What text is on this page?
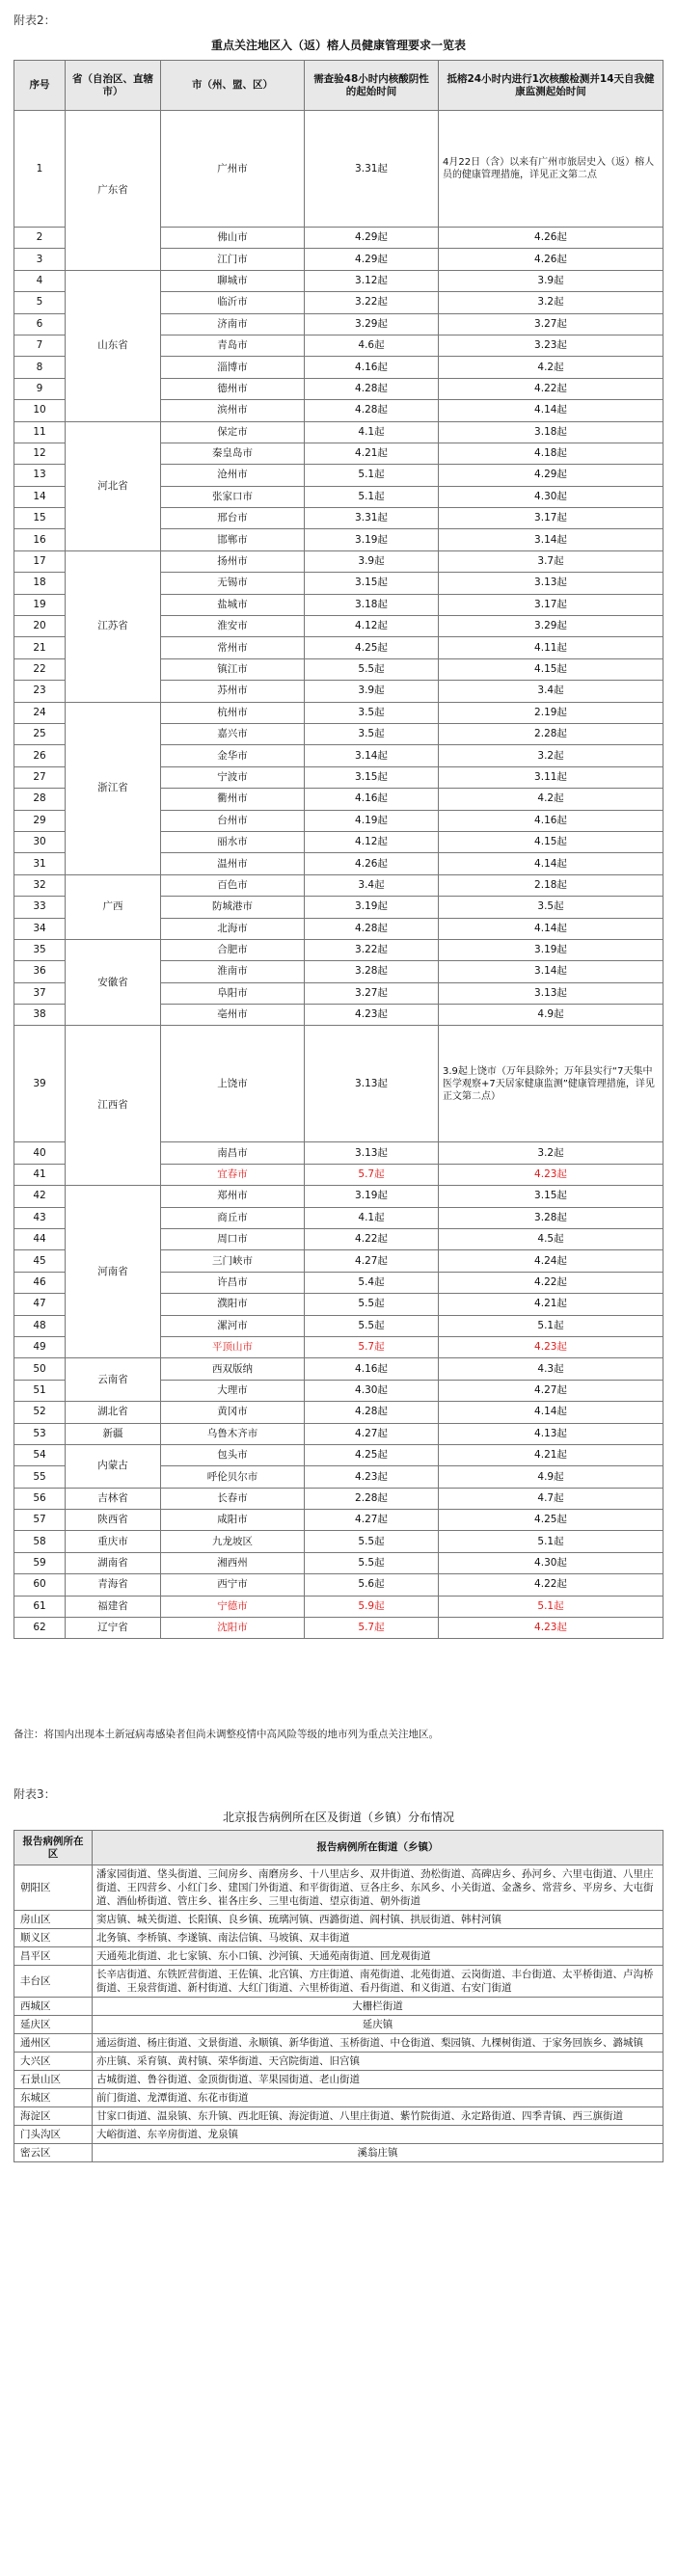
附表2：
重点关注地区入（返）榕人员健康管理要求一览表
序号	省（自治区、直辖市）	市（州、盟、区）	需查验48小时内核酸阴性的起始时间	抵榕24小时内进行1次核酸检测并14天自我健康监测起始时间
1	广东省	广州市	3.31起	4月22日（含）以来有广州市旅居史入（返）榕人员的健康管理措施，详见正文第二点
2		佛山市	4.29起	4.26起
3		江门市	4.29起	4.26起
4	山东省	聊城市	3.12起	3.9起
5		临沂市	3.22起	3.2起
6		济南市	3.29起	3.27起
7		青岛市	4.6起	3.23起
8		淄博市	4.16起	4.2起
9		德州市	4.28起	4.22起
10		滨州市	4.28起	4.14起
11	河北省	保定市	4.1起	3.18起
12		秦皇岛市	4.21起	4.18起
13		沧州市	5.1起	4.29起
14		张家口市	5.1起	4.30起
15		邢台市	3.31起	3.17起
16		邯郸市	3.19起	3.14起
17	江苏省	扬州市	3.9起	3.7起
18		无锡市	3.15起	3.13起
19		盐城市	3.18起	3.17起
20		淮安市	4.12起	3.29起
21		常州市	4.25起	4.11起
22		镇江市	5.5起	4.15起
23		苏州市	3.9起	3.4起
24	浙江省	杭州市	3.5起	2.19起
25		嘉兴市	3.5起	2.28起
26		金华市	3.14起	3.2起
27		宁波市	3.15起	3.11起
28		衢州市	4.16起	4.2起
29		台州市	4.19起	4.16起
30		丽水市	4.12起	4.15起
31		温州市	4.26起	4.14起
32	广西	百色市	3.4起	2.18起
33		防城港市	3.19起	3.5起
34		北海市	4.28起	4.14起
35	安徽省	合肥市	3.22起	3.19起
36		淮南市	3.28起	3.14起
37		阜阳市	3.27起	3.13起
38		亳州市	4.23起	4.9起
39	江西省	上饶市	3.13起	3.9起上饶市（万年县除外；万年县实行“7天集中医学观察+7天居家健康监测”健康管理措施，详见正文第二点）
40		南昌市	3.13起	3.2起
41		宜春市	5.7起	4.23起
42	河南省	郑州市	3.19起	3.15起
43		商丘市	4.1起	3.28起
44		周口市	4.22起	4.5起
45		三门峡市	4.27起	4.24起
46		许昌市	5.4起	4.22起
47		濮阳市	5.5起	4.21起
48		漯河市	5.5起	5.1起
49		平顶山市	5.7起	4.23起
50	云南省	西双版纳	4.16起	4.3起
51		大理市	4.30起	4.27起
52	湖北省	黄冈市	4.28起	4.14起
53	新疆	乌鲁木齐市	4.27起	4.13起
54	内蒙古	包头市	4.25起	4.21起
55		呼伦贝尔市	4.23起	4.9起
56	吉林省	长春市	2.28起	4.7起
57	陕西省	咸阳市	4.27起	4.25起
58	重庆市	九龙坡区	5.5起	5.1起
59	湖南省	湘西州	5.5起	4.30起
60	青海省	西宁市	5.6起	4.22起
61	福建省	宁德市	5.9起	5.1起
62	辽宁省	沈阳市	5.7起	4.23起
备注：将国内出现本土新冠病毒感染者但尚未调整疫情中高风险等级的地市列为重点关注地区。
附表3：
北京报告病例所在区及街道（乡镇）分布情况
报告病例所在区	报告病例所在街道（乡镇）
朝阳区	潘家园街道、垡头街道、三间房乡、南磨房乡、十八里店乡、双井街道、劲松街道、高碑店乡、孙河乡、六里屯街道、八里庄街道、王四营乡、小红门乡、建国门外街道、和平街街道、豆各庄乡、东风乡、小关街道、金盏乡、常营乡、平房乡、大屯街道、酒仙桥街道、管庄乡、崔各庄乡、三里屯街道、望京街道、朝外街道
房山区	窦店镇、城关街道、长阳镇、良乡镇、琉璃河镇、西潞街道、阎村镇、拱辰街道、韩村河镇
顺义区	北务镇、李桥镇、李遂镇、南法信镇、马坡镇、双丰街道
昌平区	天通苑北街道、北七家镇、东小口镇、沙河镇、天通苑南街道、回龙观街道
丰台区	长辛店街道、东铁匠营街道、王佐镇、北宫镇、方庄街道、南苑街道、北苑街道、云岗街道、丰台街道、太平桥街道、卢沟桥街道、王泉营街道、新村街道、大红门街道、六里桥街道、看丹街道、和义街道、右安门街道
西城区	大栅栏街道
延庆区	延庆镇
通州区	通运街道、杨庄街道、文景街道、永顺镇、新华街道、玉桥街道、中仓街道、梨园镇、九棵树街道、于家务回族乡、潞城镇
大兴区	亦庄镇、采育镇、黄村镇、荣华街道、天宫院街道、旧宫镇
石景山区	古城街道、鲁谷街道、金顶街街道、苹果园街道、老山街道
东城区	前门街道、龙潭街道、东花市街道
海淀区	甘家口街道、温泉镇、东升镇、西北旺镇、海淀街道、八里庄街道、紫竹院街道、永定路街道、四季青镇、西三旗街道
门头沟区	大峪街道、东辛房街道、龙泉镇
密云区	溪翁庄镇
